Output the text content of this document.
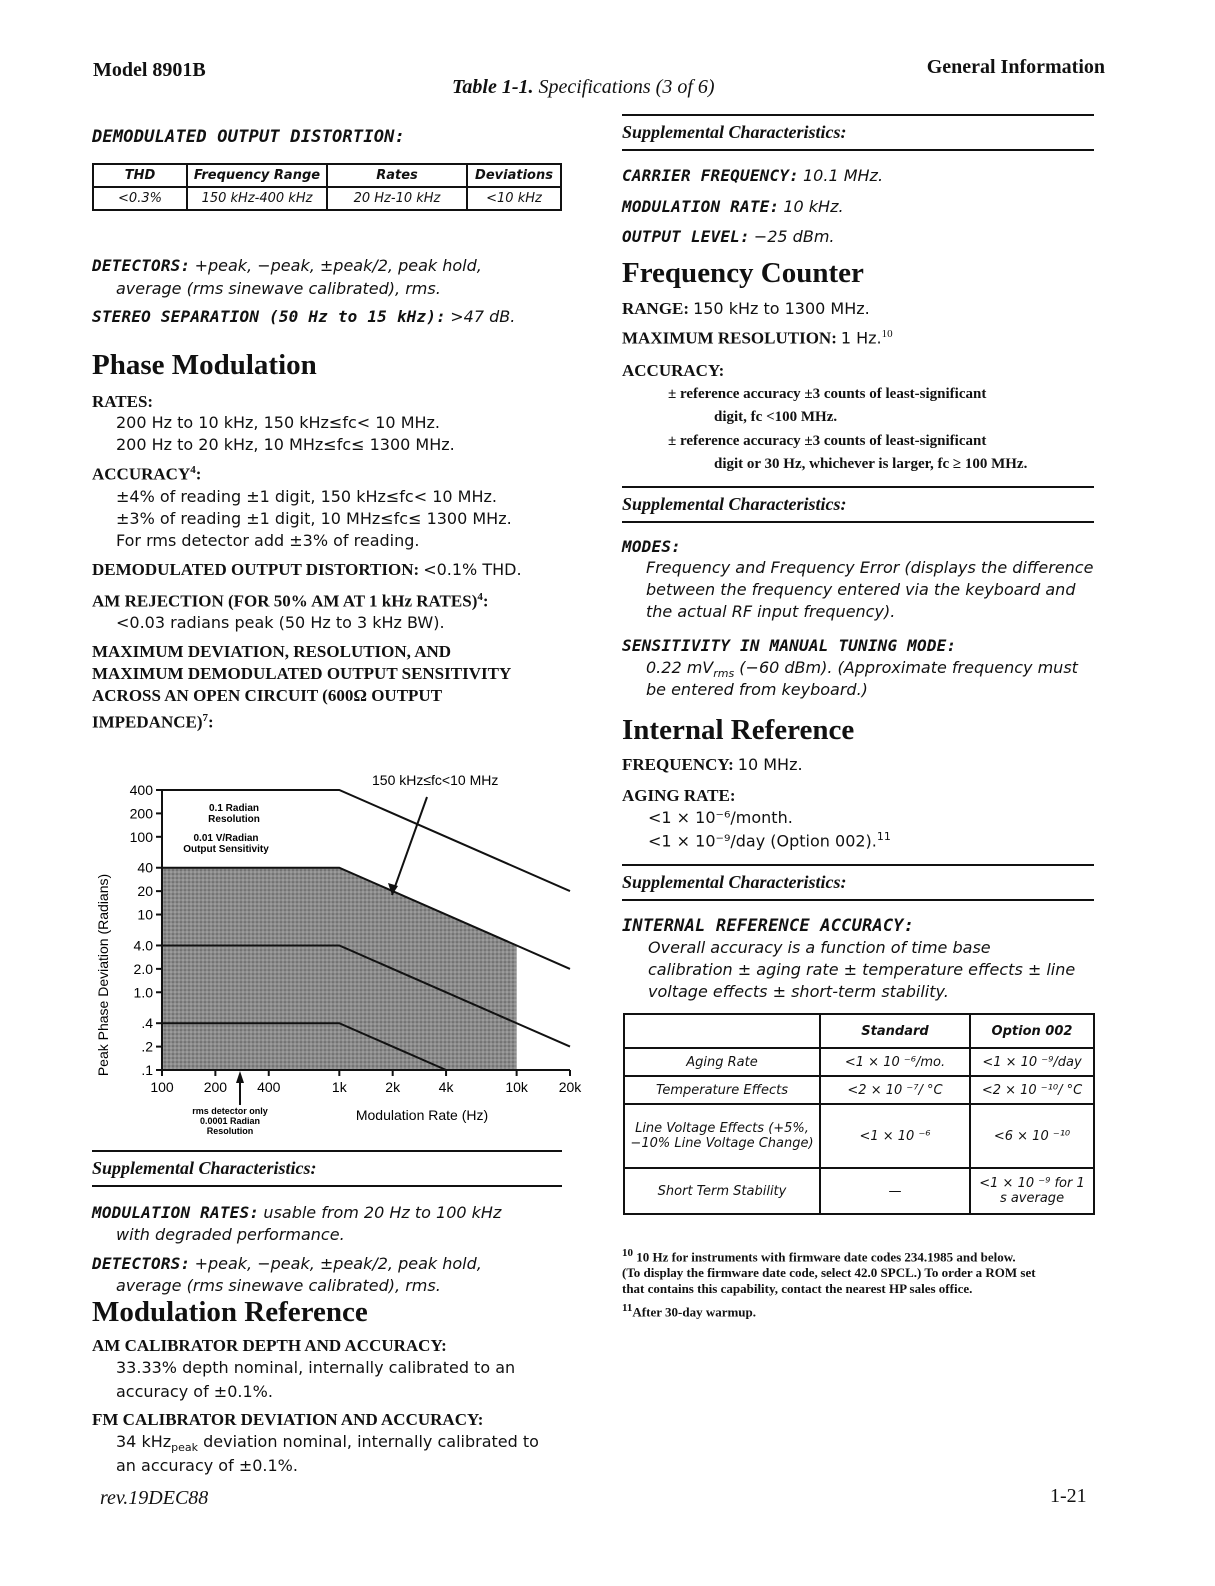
Model 8901B	General Information
Table 1-1. Specifications (3 of 6)
DEMODULATED OUTPUT DISTORTION:
THD	Frequency Range	Rates	Deviations
<0.3%	150 kHz-400 kHz	20 Hz-10 kHz	<10 kHz
DETECTORS: +peak, −peak, ±peak/2, peak hold,
average (rms sinewave calibrated), rms.
STEREO SEPARATION (50 Hz to 15 kHz): >47 dB.
Phase Modulation
RATES:
200 Hz to 10 kHz, 150 kHz≤fc< 10 MHz.
200 Hz to 20 kHz, 10 MHz≤fc≤ 1300 MHz.
$ACCURACY^4$:
±4% of reading ±1 digit, 150 kHz≤fc< 10 MHz.
±3% of reading ±1 digit, 10 MHz≤fc≤ 1300 MHz.
For rms detector add ±3% of reading.
DEMODULATED OUTPUT DISTORTION: <0.1% THD.
AM REJECTION (FOR 50% AM AT 1 kHz RATES)$^4$:
<0.03 radians peak (50 Hz to 3 kHz BW).
MAXIMUM DEVIATION, RESOLUTION, AND
MAXIMUM DEMODULATED OUTPUT SENSITIVITY
ACROSS AN OPEN CIRCUIT (600Ω OUTPUT
IMPEDANCE)$^7$:
400
200
100
40
20
10
4.0
2.0
1.0
.4
.2
.1
100 200 400	1k	2k	4k	10k 20k
Peak Phase Deviation (Radians)
Modulation Rate (Hz)
150 kHz≤fc<10 MHz
0.1 Radian
Resolution
0.01 V/Radian
Output Sensitivity
rms detector only
0.0001 Radian
Resolution
Supplemental Characteristics:
MODULATION RATES: usable from 20 Hz to 100 kHz
with degraded performance.
DETECTORS: +peak, −peak, ±peak/2, peak hold,
average (rms sinewave calibrated), rms.
Modulation Reference
AM CALIBRATOR DEPTH AND ACCURACY:
33.33% depth nominal, internally calibrated to an
accuracy of ±0.1%.
FM CALIBRATOR DEVIATION AND ACCURACY:
34 kHz$_{peak}$ deviation nominal, internally calibrated to
an accuracy of ±0.1%.
rev.19DEC88
Supplemental Characteristics:
CARRIER FREQUENCY: 10.1 MHz.
MODULATION RATE: 10 kHz.
OUTPUT LEVEL: −25 dBm.
Frequency Counter
RANGE: 150 kHz to 1300 MHz.
MAXIMUM RESOLUTION: 1 Hz.$^{10}$
ACCURACY:
± reference accuracy ±3 counts of least-significant
digit, fc <100 MHz.
± reference accuracy ±3 counts of least-significant
digit or 30 Hz, whichever is larger, fc ≥ 100 MHz.
Supplemental Characteristics:
MODES:
Frequency and Frequency Error (displays the difference
between the frequency entered via the keyboard and
the actual RF input frequency).
SENSITIVITY IN MANUAL TUNING MODE:
0.22 $mV_{rms}$ (−60 dBm). (Approximate frequency must
be entered from keyboard.)
Internal Reference
FREQUENCY: 10 MHz.
AGING RATE:
<1 × 10⁻⁶/month.
<1 × 10⁻⁹/day (Option 002).$^{11}$
Supplemental Characteristics:
INTERNAL REFERENCE ACCURACY:
Overall accuracy is a function of time base
calibration ± aging rate ± temperature effects ± line
voltage effects ± short-term stability.
	Standard	Option 002
Aging Rate	<1 × 10 ⁻⁶/mo.	<1 × 10 ⁻⁹/day
Temperature Effects	<2 × 10 ⁻⁷/ °C	<2 × 10 ⁻¹⁰/ °C
Line Voltage Effects (+5%, −10% Line Voltage Change)	<1 × 10 ⁻⁶	<6 × 10 ⁻¹⁰
Short Term Stability	—	<1 × 10 ⁻⁹ for 1 s average
$^{10}$ 10 Hz for instruments with firmware date codes 234.1985 and below.
(To display the firmware date code, select 42.0 SPCL.) To order a ROM set
that contains this capability, contact the nearest HP sales office.
$^{11}$After 30-day warmup.
1-21
